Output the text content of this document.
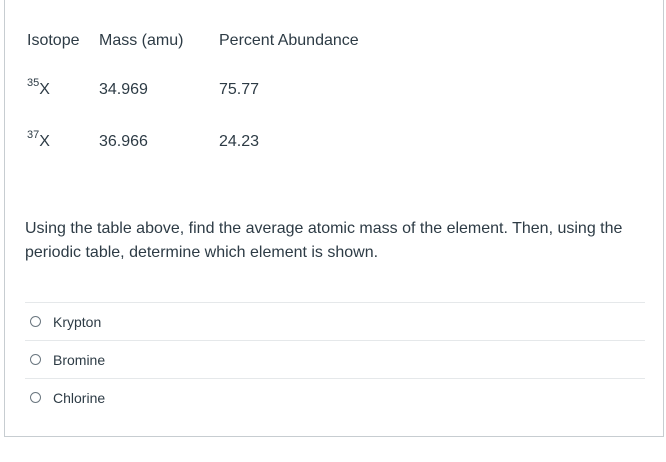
Isotope	Mass (amu)	Percent Abundance
$^{35}$X	34.969	75.77
$^{37}$X	36.966	24.23

Using the table above, find the average atomic mass of the element. Then, using the periodic table, determine which element is shown.

Krypton
Bromine
Chlorine
